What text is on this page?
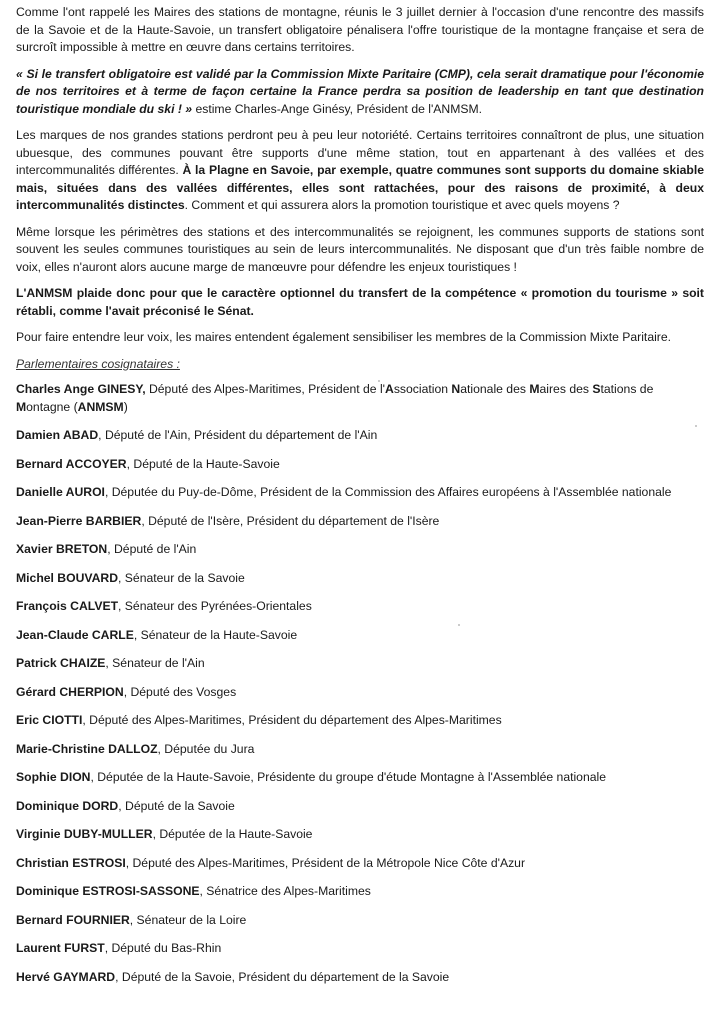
Comme l'ont rappelé les Maires des stations de montagne, réunis le 3 juillet dernier à l'occasion d'une rencontre des massifs de la Savoie et de la Haute-Savoie, un transfert obligatoire pénalisera l'offre touristique de la montagne française et sera de surcroît impossible à mettre en œuvre dans certains territoires.

« Si le transfert obligatoire est validé par la Commission Mixte Paritaire (CMP), cela serait dramatique pour l'économie de nos territoires et à terme de façon certaine la France perdra sa position de leadership en tant que destination touristique mondiale du ski ! » estime Charles-Ange Ginésy, Président de l'ANMSM.

Les marques de nos grandes stations perdront peu à peu leur notoriété. Certains territoires connaîtront de plus, une situation ubuesque, des communes pouvant être supports d'une même station, tout en appartenant à des vallées et des intercommunalités différentes. À la Plagne en Savoie, par exemple, quatre communes sont supports du domaine skiable mais, situées dans des vallées différentes, elles sont rattachées, pour des raisons de proximité, à deux intercommunalités distinctes. Comment et qui assurera alors la promotion touristique et avec quels moyens ?

Même lorsque les périmètres des stations et des intercommunalités se rejoignent, les communes supports de stations sont souvent les seules communes touristiques au sein de leurs intercommunalités. Ne disposant que d'un très faible nombre de voix, elles n'auront alors aucune marge de manœuvre pour défendre les enjeux touristiques !

L'ANMSM plaide donc pour que le caractère optionnel du transfert de la compétence « promotion du tourisme » soit rétabli, comme l'avait préconisé le Sénat.

Pour faire entendre leur voix, les maires entendent également sensibiliser les membres de la Commission Mixte Paritaire.

Parlementaires cosignataires :

Charles Ange GINESY, Député des Alpes-Maritimes, Président de l'Association Nationale des Maires des Stations de Montagne (ANMSM)

Damien ABAD, Député de l'Ain, Président du département de l'Ain

Bernard ACCOYER, Député de la Haute-Savoie

Danielle AUROI, Députée du Puy-de-Dôme, Président de la Commission des Affaires européens à l'Assemblée nationale

Jean-Pierre BARBIER, Député de l'Isère, Président du département de l'Isère

Xavier BRETON, Député de l'Ain

Michel BOUVARD, Sénateur de la Savoie

François CALVET, Sénateur des Pyrénées-Orientales

Jean-Claude CARLE, Sénateur de la Haute-Savoie

Patrick CHAIZE, Sénateur de l'Ain

Gérard CHERPION, Député des Vosges

Eric CIOTTI, Député des Alpes-Maritimes, Président du département des Alpes-Maritimes

Marie-Christine DALLOZ, Députée du Jura

Sophie DION, Députée de la Haute-Savoie, Présidente du groupe d'étude Montagne à l'Assemblée nationale

Dominique DORD, Député de la Savoie

Virginie DUBY-MULLER, Députée de la Haute-Savoie

Christian ESTROSI, Député des Alpes-Maritimes, Président de la Métropole Nice Côte d'Azur

Dominique ESTROSI-SASSONE, Sénatrice des Alpes-Maritimes

Bernard FOURNIER, Sénateur de la Loire

Laurent FURST, Député du Bas-Rhin

Hervé GAYMARD, Député de la Savoie, Président du département de la Savoie
